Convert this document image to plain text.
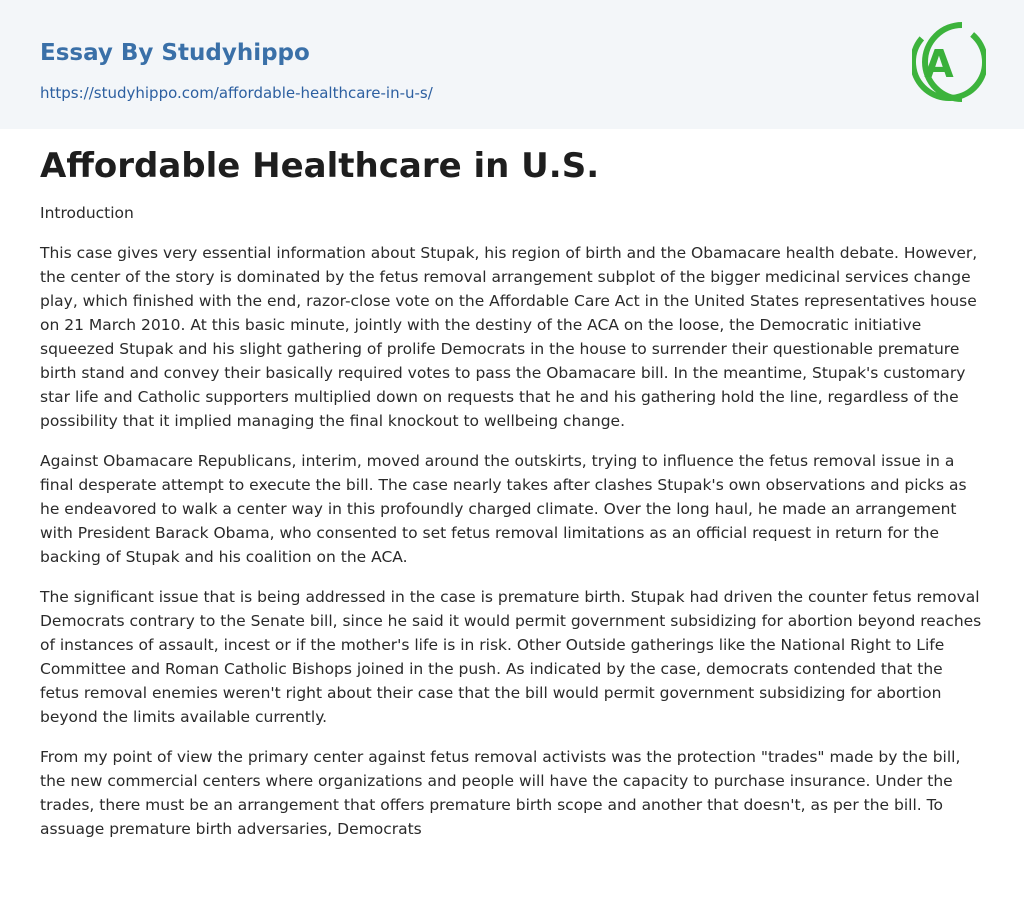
Essay By Studyhippo
https://studyhippo.com/affordable-healthcare-in-u-s/
A
Affordable Healthcare in U.S.

Introduction

This case gives very essential information about Stupak, his region of birth and the Obamacare health debate. However, the center of the story is dominated by the fetus removal arrangement subplot of the bigger medicinal services change play, which finished with the end, razor-close vote on the Affordable Care Act in the United States representatives house on 21 March 2010. At this basic minute, jointly with the destiny of the ACA on the loose, the Democratic initiative squeezed Stupak and his slight gathering of prolife Democrats in the house to surrender their questionable premature birth stand and convey their basically required votes to pass the Obamacare bill. In the meantime, Stupak's customary star life and Catholic supporters multiplied down on requests that he and his gathering hold the line, regardless of the possibility that it implied managing the final knockout to wellbeing change.

Against Obamacare Republicans, interim, moved around the outskirts, trying to influence the fetus removal issue in a final desperate attempt to execute the bill. The case nearly takes after clashes Stupak's own observations and picks as he endeavored to walk a center way in this profoundly charged climate. Over the long haul, he made an arrangement with President Barack Obama, who consented to set fetus removal limitations as an official request in return for the backing of Stupak and his coalition on the ACA.

The significant issue that is being addressed in the case is premature birth. Stupak had driven the counter fetus removal Democrats contrary to the Senate bill, since he said it would permit government subsidizing for abortion beyond reaches of instances of assault, incest or if the mother's life is in risk. Other Outside gatherings like the National Right to Life Committee and Roman Catholic Bishops joined in the push. As indicated by the case, democrats contended that the fetus removal enemies weren't right about their case that the bill would permit government subsidizing for abortion beyond the limits available currently.

From my point of view the primary center against fetus removal activists was the protection "trades" made by the bill, the new commercial centers where organizations and people will have the capacity to purchase insurance. Under the trades, there must be an arrangement that offers premature birth scope and another that doesn't, as per the bill. To assuage premature birth adversaries, Democrats
